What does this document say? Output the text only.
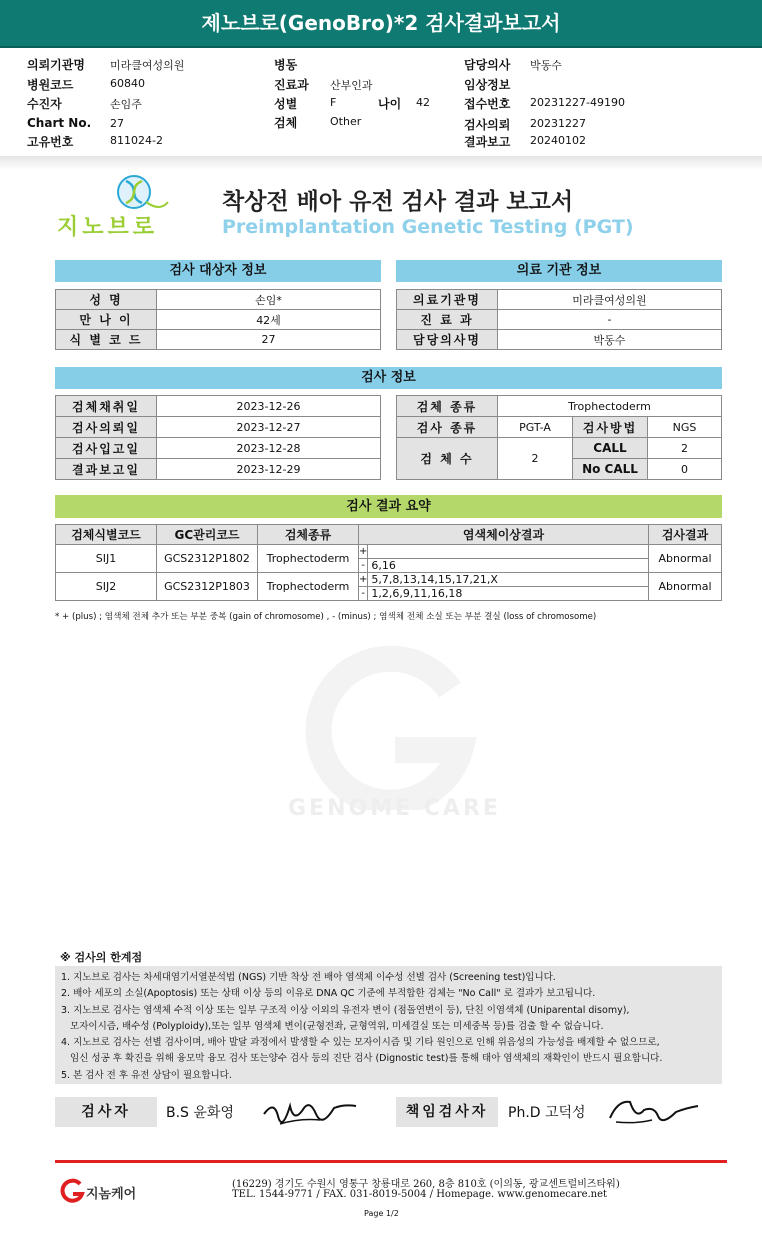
제노브로(GenoBro)*2 검사결과보고서
의뢰기관명 미라클여성의원
병원코드	60840
수진자	손임주
Chart No. 27
고유번호	811024-2
병동
진료과 산부인과
성별	F	나이 42
검체	Other
담당의사 박동수
임상정보
접수번호 20231227-49190
검사의뢰 20231227
결과보고 20240102
지노브로
착상전 배아 유전 검사 결과 보고서
Preimplantation Genetic Testing (PGT)
검사 대상자 정보
성 명	손임*
만 나 이	42세
식 별 코 드	27
의료 기관 정보
의료기관명	미라클여성의원
진 료 과	-
담당의사명	박동수
검사 정보
검체채취일	2023-12-26
검사의뢰일	2023-12-27
검사입고일	2023-12-28
결과보고일	2023-12-29
검체 종류	Trophectoderm		
검사 종류	PGT-A	검사방법	NGS
검 체 수	2	CALL	2
		No CALL	0
검사 결과 요약
검체식별코드	GC관리코드	검체종류	염색체이상결과		검사결과
SIJ1	GCS2312P1802	Trophectoderm	+		Abnormal
			-	6,16	
SIJ2	GCS2312P1803	Trophectoderm	+	5,7,8,13,14,15,17,21,X	Abnormal
			-	1,2,6,9,11,16,18	
* + (plus) ; 염색체 전체 추가 또는 부분 중복 (gain of chromosome) , - (minus) ; 염색체 전체 소실 또는 부분 결실 (loss of chromosome)
GENOME CARE
※ 검사의 한계점
1. 지노브로 검사는 차세대염기서열분석법 (NGS) 기반 착상 전 배아 염색체 이수성 선별 검사 (Screening test)입니다.
2. 배아 세포의 소실(Apoptosis) 또는 상태 이상 등의 이유로 DNA QC 기준에 부적합한 검체는 "No Call" 로 결과가 보고됩니다.
3. 지노브로 검사는 염색체 수적 이상 또는 일부 구조적 이상 이외의 유전자 변이 (점돌연변이 등), 단친 이염색체 (Uniparental disomy),
모자이시즘, 배수성 (Polyploidy),또는 일부 염색체 변이(균형전좌, 균형역위, 미세결실 또는 미세중복 등)를 검출 할 수 없습니다.
4. 지노브로 검사는 선별 검사이며, 배아 발달 과정에서 발생할 수 있는 모자이시즘 및 기타 원인으로 인해 위음성의 가능성을 배제할 수 없으므로,
임신 성공 후 확진을 위해 융모막 융모 검사 또는양수 검사 등의 진단 검사 (Dignostic test)를 통해 태아 염색체의 재확인이 반드시 필요합니다.
5. 본 검사 전 후 유전 상담이 필요합니다.
검사자	B.S 윤화영	책임검사자	Ph.D 고덕성
지놈케어
(16229) 경기도 수원시 영통구 창룡대로 260, 8층 810호 (이의동, 광교센트럴비즈타워)
TEL. 1544-9771 / FAX. 031-8019-5004 / Homepage. www.genomecare.net
Page 1/2
